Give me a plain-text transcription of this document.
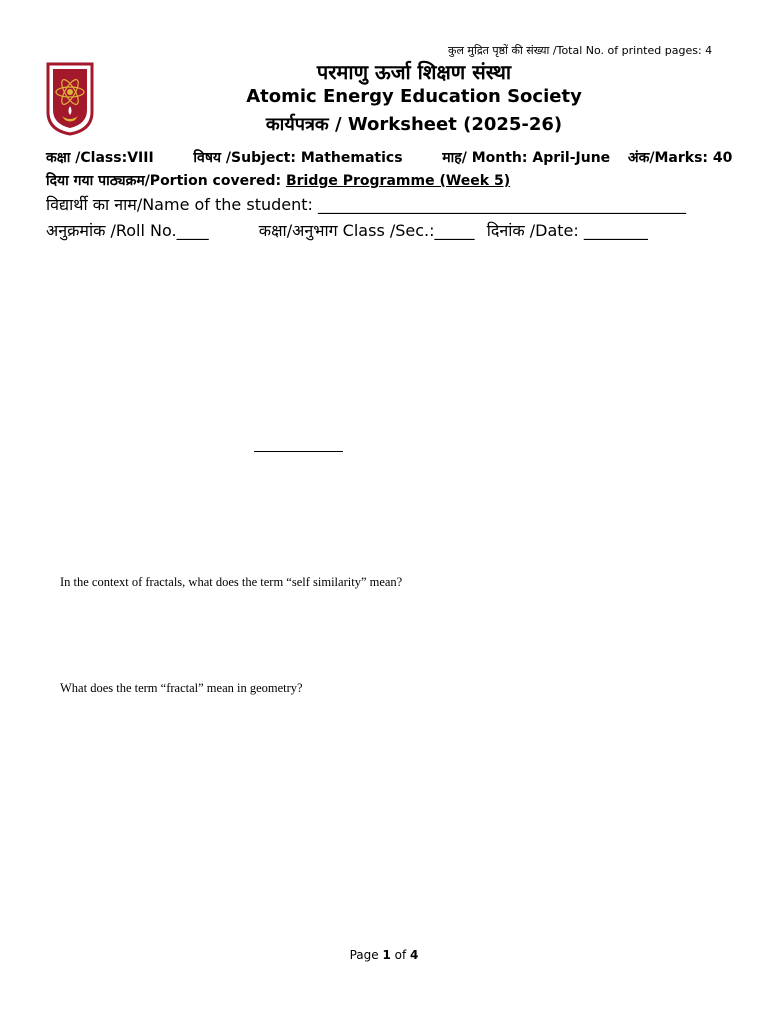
कुल मुद्रित पृष्ठों की संख्या /Total No. of printed pages: 4
परमाणु ऊर्जा शिक्षण संस्था
Atomic Energy Education Society
कार्यपत्रक / Worksheet (2025-26)
कक्षा /Class:VIII	विषय /Subject: Mathematics	माह/ Month: April-June अंक/Marks: 40
दिया गया पाठ्यक्रम/Portion covered: Bridge Programme (Week 5)
विद्यार्थी का नाम/Name of the student: ______________________________________________
अनुक्रमांक /Roll No.____	कक्षा/अनुभाग Class /Sec.:_____ दिनांक /Date: ________
In the context of fractals, what does the term “self similarity” mean?
What does the term “fractal” mean in geometry?
Page 1 of 4
